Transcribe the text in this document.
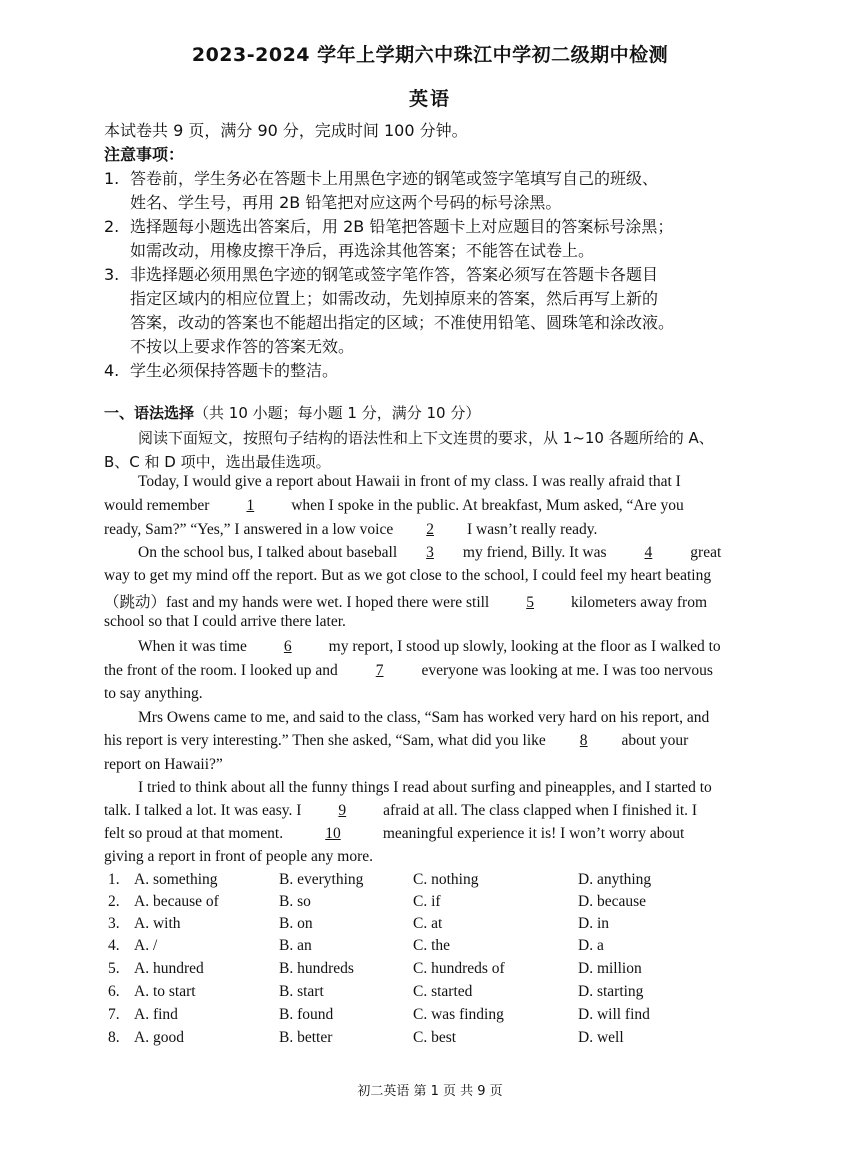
2023-2024 学年上学期六中珠江中学初二级期中检测
英语
本试卷共 9 页，满分 90 分，完成时间 100 分钟。
注意事项：
1. 答卷前，学生务必在答题卡上用黑色字迹的钢笔或签字笔填写自己的班级、
姓名、学生号，再用 2B 铅笔把对应这两个号码的标号涂黑。
2. 选择题每小题选出答案后，用 2B 铅笔把答题卡上对应题目的答案标号涂黑；
如需改动，用橡皮擦干净后，再选涂其他答案；不能答在试卷上。
3. 非选择题必须用黑色字迹的钢笔或签字笔作答，答案必须写在答题卡各题目
指定区域内的相应位置上；如需改动，先划掉原来的答案，然后再写上新的
答案，改动的答案也不能超出指定的区域；不准使用铅笔、圆珠笔和涂改液。
不按以上要求作答的答案无效。
4. 学生必须保持答题卡的整洁。
一、语法选择（共 10 小题；每小题 1 分，满分 10 分）
阅读下面短文，按照句子结构的语法性和上下文连贯的要求，从 1~10 各题所给的 A、
B、C 和 D 项中，选出最佳选项。
Today, I would give a report about Hawaii in front of my class. I was really afraid that I
would remember 1 when I spoke in the public. At breakfast, Mum asked, “Are you
ready, Sam?” “Yes,” I answered in a low voice 2 I wasn’t really ready.
On the school bus, I talked about baseball 3 my friend, Billy. It was 4 great
way to get my mind off the report. But as we got close to the school, I could feel my heart beating
（跳动）fast and my hands were wet. I hoped there were still 5 kilometers away from
school so that I could arrive there later.
When it was time 6 my report, I stood up slowly, looking at the floor as I walked to
the front of the room. I looked up and 7 everyone was looking at me. I was too nervous
to say anything.
Mrs Owens came to me, and said to the class, “Sam has worked very hard on his report, and
his report is very interesting.” Then she asked, “Sam, what did you like 8 about your
report on Hawaii?”
I tried to think about all the funny things I read about surfing and pineapples, and I started to
talk. I talked a lot. It was easy. I 9 afraid at all. The class clapped when I finished it. I
felt so proud at that moment. 10 meaningful experience it is! I won’t worry about
giving a report in front of people any more.
1. A. something	B. everything	C. nothing	D. anything
2. A. because of	B. so	C. if	D. because
3. A. with	B. on	C. at	D. in
4. A. /	B. an	C. the	D. a
5. A. hundred	B. hundreds	C. hundreds of	D. million
6. A. to start	B. start	C. started	D. starting
7. A. find	B. found	C. was finding	D. will find
8. A. good	B. better	C. best	D. well
初二英语 第 1 页 共 9 页
